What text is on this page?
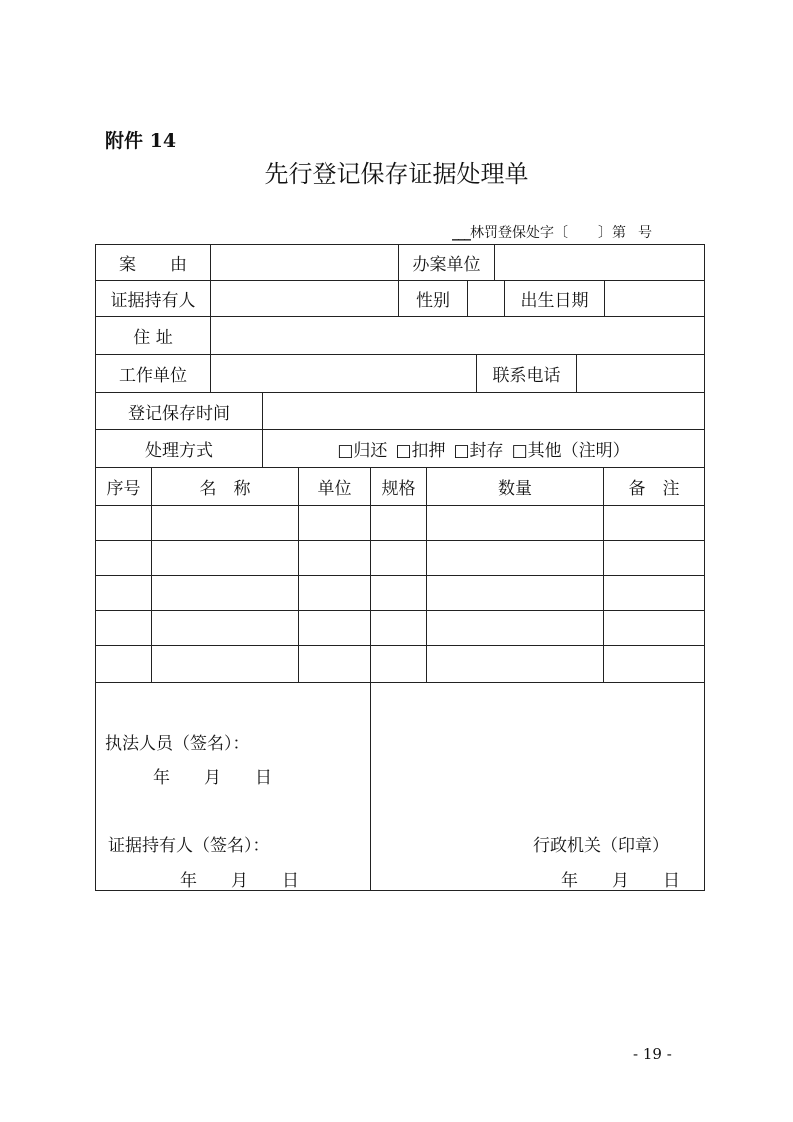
附件 14
先行登记保存证据处理单
___林罚登保处字〔 〕第 号
案　　由	办案单位
证据持有人	性别	出生日期
住 址
工作单位	联系电话
登记保存时间
处理方式	□归还 □扣押 □封存 □其他（注明）
序号	名　称	单位	规格	数量	备　注
执法人员（签名）：
年　　月　　日
证据持有人（签名）：
年　　月　　日
行政机关（印章）
年　　月　　日
- 19 -
